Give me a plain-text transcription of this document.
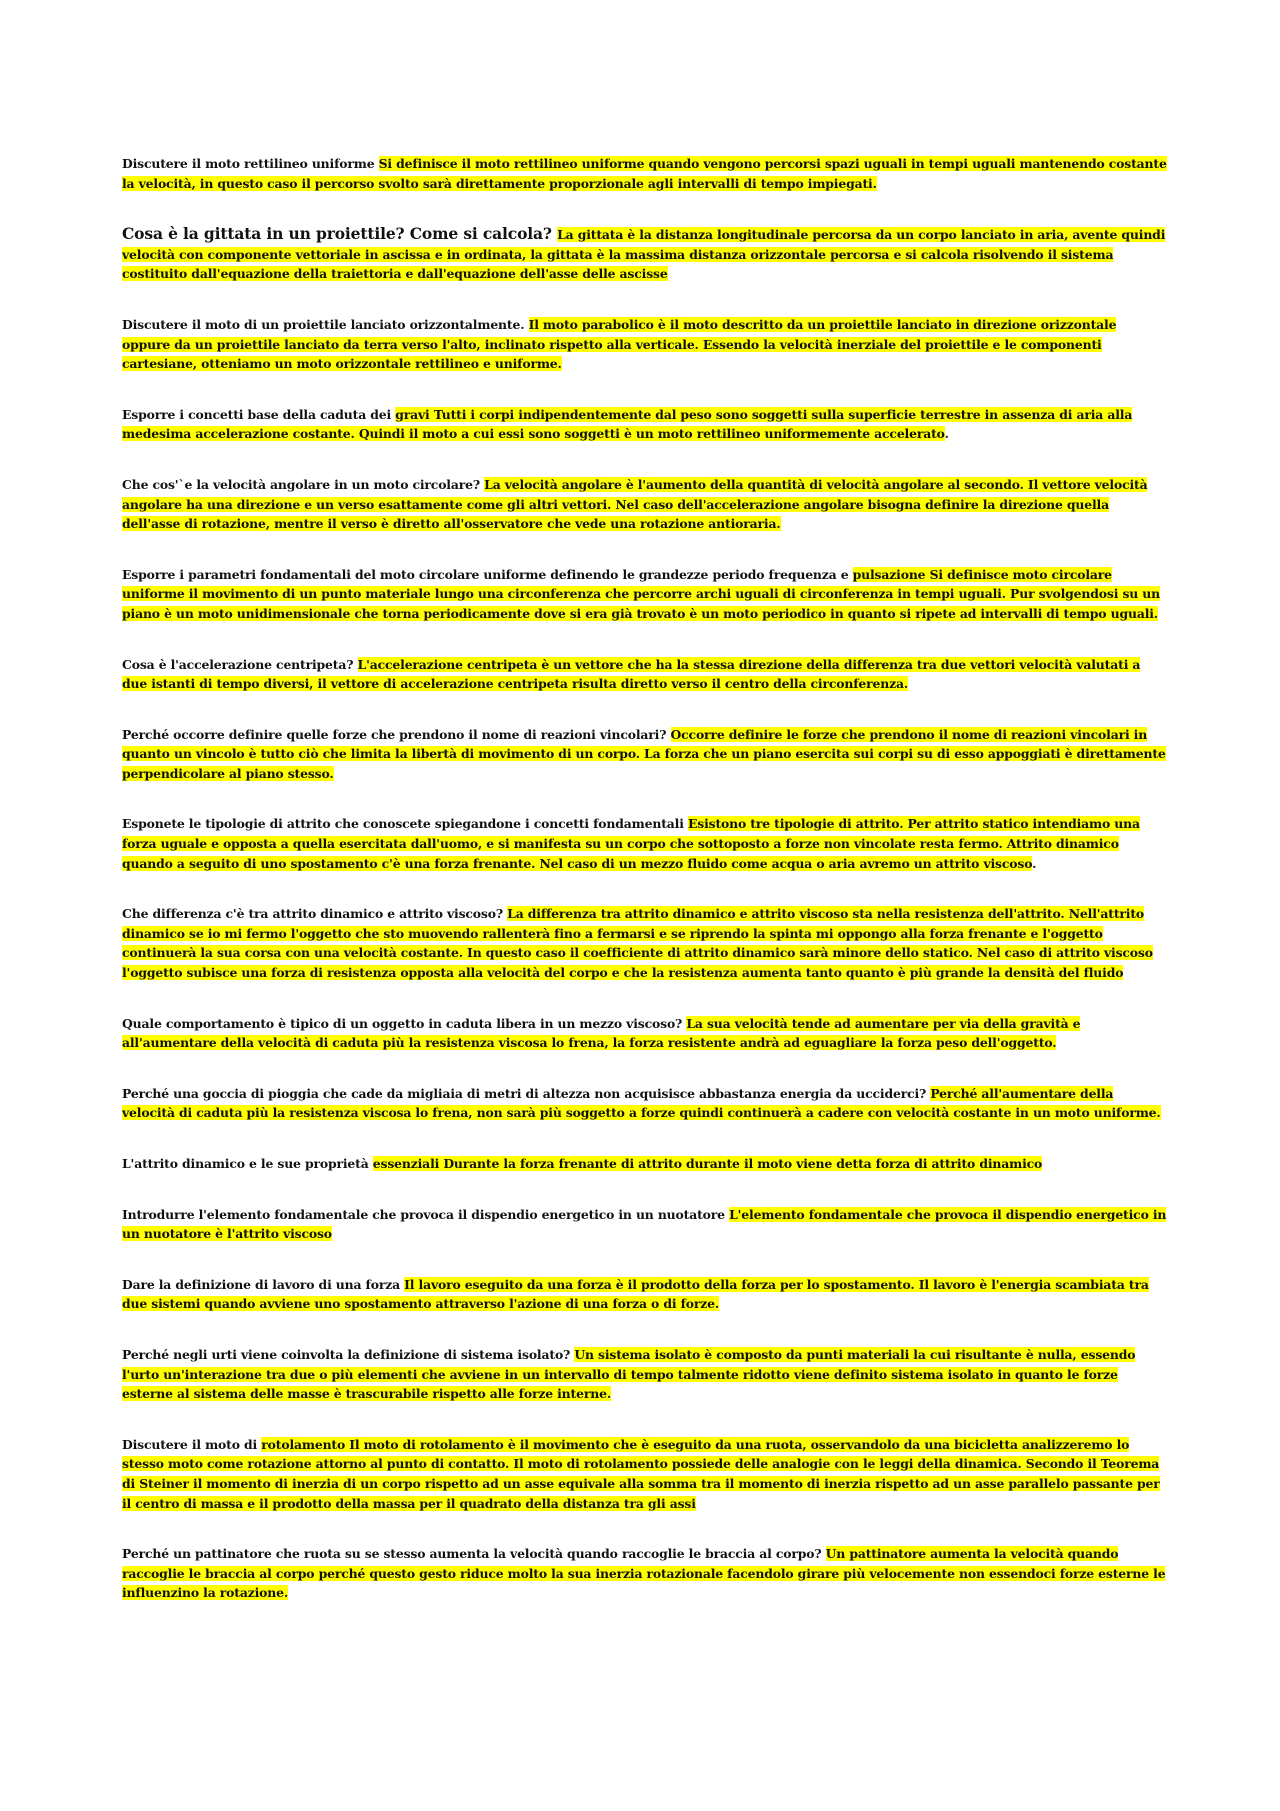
Discutere il moto rettilineo uniforme Si definisce il moto rettilineo uniforme quando vengono percorsi spazi uguali in tempi uguali mantenendo costante la velocità, in questo caso il percorso svolto sarà direttamente proporzionale agli intervalli di tempo impiegati.

Cosa è la gittata in un proiettile? Come si calcola? La gittata è la distanza longitudinale percorsa da un corpo lanciato in aria, avente quindi velocità con componente vettoriale in ascissa e in ordinata, la gittata è la massima distanza orizzontale percorsa e si calcola risolvendo il sistema costituito dall'equazione della traiettoria e dall'equazione dell'asse delle ascisse

Discutere il moto di un proiettile lanciato orizzontalmente. Il moto parabolico è il moto descritto da un proiettile lanciato in direzione orizzontale oppure da un proiettile lanciato da terra verso l'alto, inclinato rispetto alla verticale. Essendo la velocità inerziale del proiettile e le componenti cartesiane, otteniamo un moto orizzontale rettilineo e uniforme.

Esporre i concetti base della caduta dei gravi Tutti i corpi indipendentemente dal peso sono soggetti sulla superficie terrestre in assenza di aria alla medesima accelerazione costante. Quindi il moto a cui essi sono soggetti è un moto rettilineo uniformemente accelerato.

Che cos'`e la velocità angolare in un moto circolare? La velocità angolare è l'aumento della quantità di velocità angolare al secondo. Il vettore velocità angolare ha una direzione e un verso esattamente come gli altri vettori. Nel caso dell'accelerazione angolare bisogna definire la direzione quella dell'asse di rotazione, mentre il verso è diretto all'osservatore che vede una rotazione antioraria.

Esporre i parametri fondamentali del moto circolare uniforme definendo le grandezze periodo frequenza e pulsazione Si definisce moto circolare uniforme il movimento di un punto materiale lungo una circonferenza che percorre archi uguali di circonferenza in tempi uguali. Pur svolgendosi su un piano è un moto unidimensionale che torna periodicamente dove si era già trovato è un moto periodico in quanto si ripete ad intervalli di tempo uguali.

Cosa è l'accelerazione centripeta? L'accelerazione centripeta è un vettore che ha la stessa direzione della differenza tra due vettori velocità valutati a due istanti di tempo diversi, il vettore di accelerazione centripeta risulta diretto verso il centro della circonferenza.

Perché occorre definire quelle forze che prendono il nome di reazioni vincolari? Occorre definire le forze che prendono il nome di reazioni vincolari in quanto un vincolo è tutto ciò che limita la libertà di movimento di un corpo. La forza che un piano esercita sui corpi su di esso appoggiati è direttamente perpendicolare al piano stesso.

Esponete le tipologie di attrito che conoscete spiegandone i concetti fondamentali Esistono tre tipologie di attrito. Per attrito statico intendiamo una forza uguale e opposta a quella esercitata dall'uomo, e si manifesta su un corpo che sottoposto a forze non vincolate resta fermo. Attrito dinamico quando a seguito di uno spostamento c'è una forza frenante. Nel caso di un mezzo fluido come acqua o aria avremo un attrito viscoso.

Che differenza c'è tra attrito dinamico e attrito viscoso? La differenza tra attrito dinamico e attrito viscoso sta nella resistenza dell'attrito. Nell'attrito dinamico se io mi fermo l'oggetto che sto muovendo rallenterà fino a fermarsi e se riprendo la spinta mi oppongo alla forza frenante e l'oggetto continuerà la sua corsa con una velocità costante. In questo caso il coefficiente di attrito dinamico sarà minore dello statico. Nel caso di attrito viscoso l'oggetto subisce una forza di resistenza opposta alla velocità del corpo e che la resistenza aumenta tanto quanto è più grande la densità del fluido

Quale comportamento è tipico di un oggetto in caduta libera in un mezzo viscoso? La sua velocità tende ad aumentare per via della gravità e all'aumentare della velocità di caduta più la resistenza viscosa lo frena, la forza resistente andrà ad eguagliare la forza peso dell'oggetto.

Perché una goccia di pioggia che cade da migliaia di metri di altezza non acquisisce abbastanza energia da ucciderci? Perché all'aumentare della velocità di caduta più la resistenza viscosa lo frena, non sarà più soggetto a forze quindi continuerà a cadere con velocità costante in un moto uniforme.

L'attrito dinamico e le sue proprietà essenziali Durante la forza frenante di attrito durante il moto viene detta forza di attrito dinamico

Introdurre l'elemento fondamentale che provoca il dispendio energetico in un nuotatore L'elemento fondamentale che provoca il dispendio energetico in un nuotatore è l'attrito viscoso

Dare la definizione di lavoro di una forza Il lavoro eseguito da una forza è il prodotto della forza per lo spostamento. Il lavoro è l'energia scambiata tra due sistemi quando avviene uno spostamento attraverso l'azione di una forza o di forze.

Perché negli urti viene coinvolta la definizione di sistema isolato? Un sistema isolato è composto da punti materiali la cui risultante è nulla, essendo l'urto un'interazione tra due o più elementi che avviene in un intervallo di tempo talmente ridotto viene definito sistema isolato in quanto le forze esterne al sistema delle masse è trascurabile rispetto alle forze interne.

Discutere il moto di rotolamento Il moto di rotolamento è il movimento che è eseguito da una ruota, osservandolo da una bicicletta analizzeremo lo stesso moto come rotazione attorno al punto di contatto. Il moto di rotolamento possiede delle analogie con le leggi della dinamica. Secondo il Teorema di Steiner il momento di inerzia di un corpo rispetto ad un asse equivale alla somma tra il momento di inerzia rispetto ad un asse parallelo passante per il centro di massa e il prodotto della massa per il quadrato della distanza tra gli assi

Perché un pattinatore che ruota su se stesso aumenta la velocità quando raccoglie le braccia al corpo? Un pattinatore aumenta la velocità quando raccoglie le braccia al corpo perché questo gesto riduce molto la sua inerzia rotazionale facendolo girare più velocemente non essendoci forze esterne le influenzino la rotazione.
